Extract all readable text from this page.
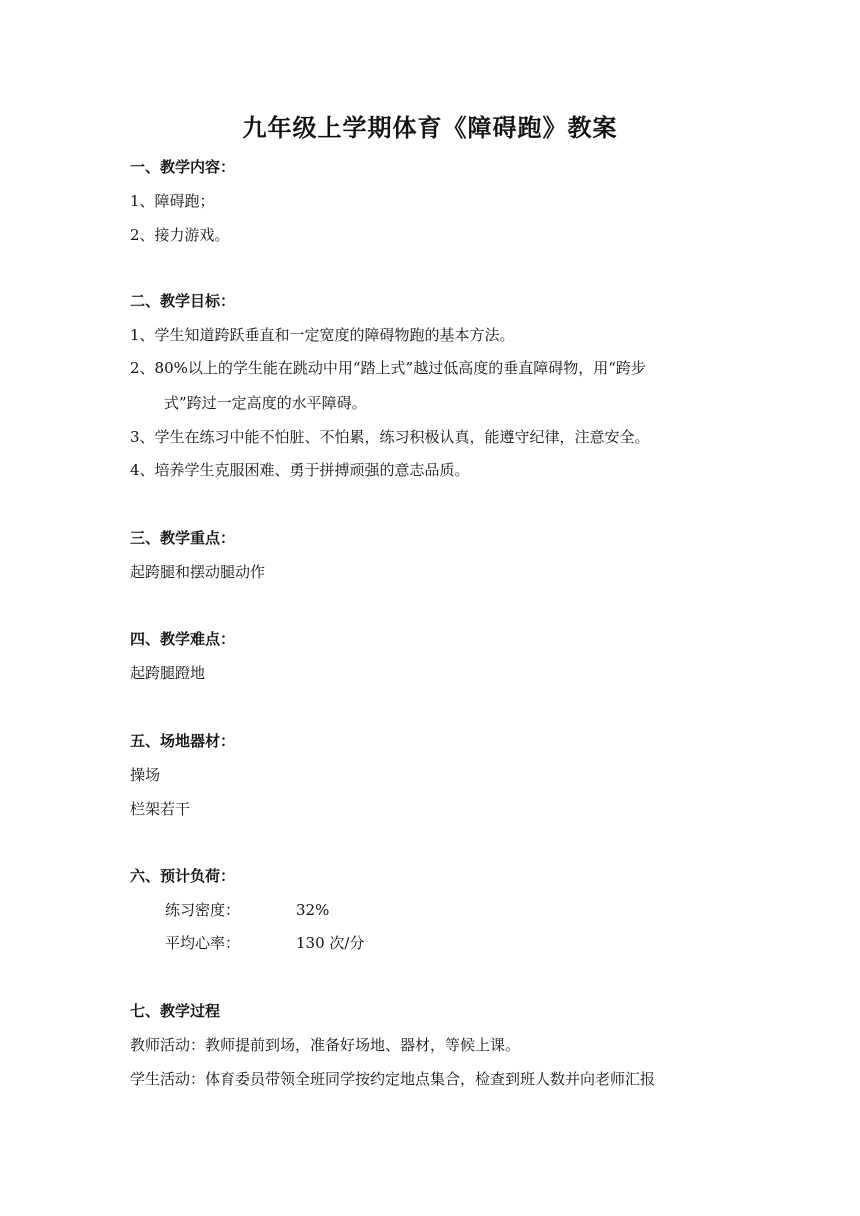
九年级上学期体育《障碍跑》教案
一、教学内容：
1、障碍跑；
2、接力游戏。
二、教学目标：
1、学生知道跨跃垂直和一定宽度的障碍物跑的基本方法。
2、80%以上的学生能在跳动中用“踏上式”越过低高度的垂直障碍物，用“跨步
式”跨过一定高度的水平障碍。
3、学生在练习中能不怕脏、不怕累，练习积极认真，能遵守纪律，注意安全。
4、培养学生克服困难、勇于拼搏顽强的意志品质。
三、教学重点：
起跨腿和摆动腿动作
四、教学难点：
起跨腿蹬地
五、场地器材：
操场
栏架若干
六、预计负荷：
练习密度：	32%
平均心率：	130 次/分
七、教学过程
教师活动：教师提前到场，准备好场地、器材，等候上课。
学生活动：体育委员带领全班同学按约定地点集合，检查到班人数并向老师汇报
